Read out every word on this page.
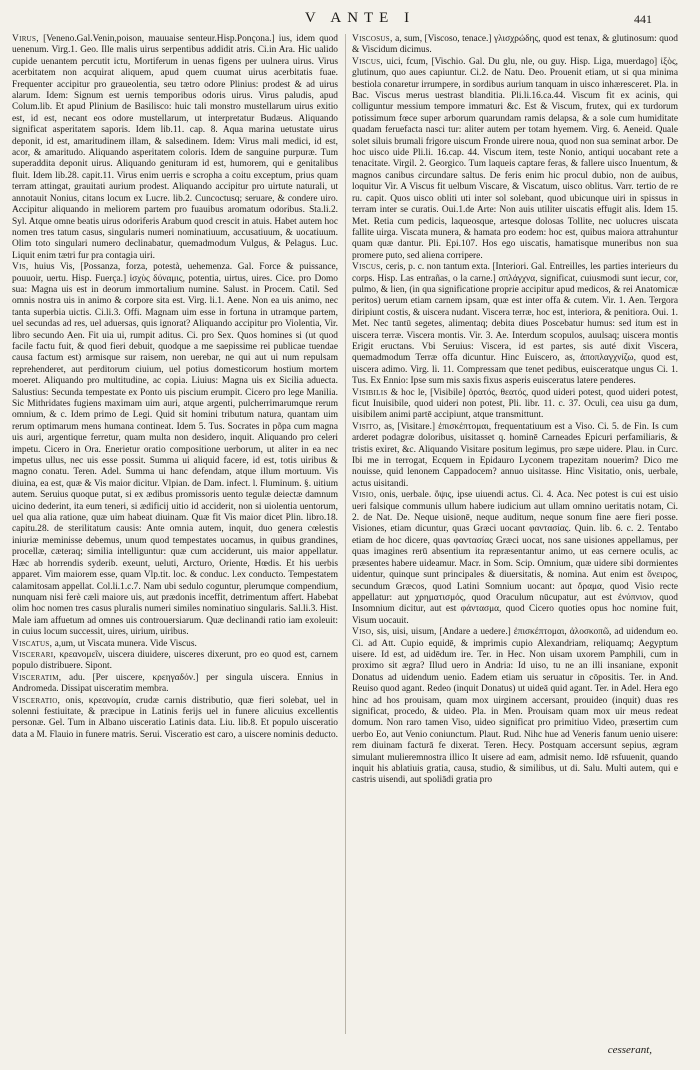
V ANTE I	441

Virus, [Veneno.Gal.Venin,poison, mauuaise senteur.Hisp.Ponçona.] ius, idem quod uenenum. Virg.1. Geo. Ille malis uirus serpentibus addidit atris. Ci.in Ara. Hic ualido cupide uenantem percutit ictu, Mortiferum in uenas figens per uulnera uirus. Virus acerbitatem non acquirat aliquem, apud quem cuumat uirus acerbitatis fuae. Frequenter accipitur pro graueolentia, seu tætro odore Plinius: prodest & ad uirus alarum. Idem: Signum est uernis temporibus odoris uirus. Virus paludis, apud Colum.lib. Et apud Plinium de Basilisco: huic tali monstro mustellarum uirus exitio est, id est, necant eos odore mustellarum, ut interpretatur Budæus. Aliquando significat asperitatem saporis. Idem lib.11. cap. 8. Aqua marina uetustate uirus deponit, id est, amaritudinem illam, & salsedinem. Idem: Virus mali medici, id est, acor, & amaritudo. Aliquando asperitatem coloris. Idem de sanguine purpuræ. Tum superaddita deponit uirus. Aliquando genituram id est, humorem, qui e genitalibus fluit. Idem lib.28. capit.11. Virus enim uerris e scropha a coitu exceptum, prius quam terram attingat, grauitati aurium prodest. Aliquando accipitur pro uirtute naturali, ut annotauit Nonius, citans locum ex Lucre. lib.2. Cuncoctusq; seruare, & condere uiro. Accipitur aliquando in meliorem partem pro fuauibus aromatum odoribus. Sta.li.2. Syl. Atque omne beatis uirus odoriferis Arabum quod crescit in atuis. Habet autem hoc nomen tres tatum casus, singularis numeri nominatiuum, accusatiuum, & uocatiuum. Olim toto singulari numero declinabatur, quemadmodum Vulgus, & Pelagus. Luc. Liquit enim tætri fur pra contagia uiri.

Vis, huius Vis, [Possanza, forza, potestà, uehemenza. Gal. Force & puissance, pouuoir, uertu. Hisp. Fuerça.] ἰσχὺς δύναμις, potentia, uirtus, uires. Cice. pro Domo sua: Magna uis est in deorum immortalium numine. Salust. in Procem. Catil. Sed omnis nostra uis in animo & corpore sita est. Virg. li.1. Aene. Non ea uis animo, nec tanta superbia uictis. Ci.li.3. Offi. Magnam uim esse in fortuna in utramque partem, uel secundas ad res, uel aduersas, quis ignorat? Aliquando accipitur pro Violentia, Vir. libro secundo Aen. Fit uia ui, rumpit aditus. Ci. pro Sex. Quos homines si (ut quod facile factu fuit, & quod fieri debuit, quodque a me saepissime rei publicae tuendae causa factum est) armisque sur raisem, non uerebar, ne qui aut ui num repulsam reprehenderet, aut perditorum ciuium, uel potius domesticorum hostium mortem moeret. Aliquando pro multitudine, ac copia. Liuius: Magna uis ex Sicilia adueсta. Salustius: Secunda tempestate ex Ponto uis piscium erumpit. Cicero pro lege Manilia. Sic Mithridates fugiens maximam uim auri, atque argenti, pulcherrimarumque rerum omnium, & c. Idem primo de Legi. Quid sit homini tributum natura, quantam uim rerum optimarum mens humana contineat. Idem 5. Tus. Socrates in põpa cum magna uis auri, argentique ferretur, quam multa non desidero, inquit. Aliquando pro celeri impetu. Cicero in Ora. Enerietur oratio compositione uerborum, ut aliter in ea nec impetus ullus, nec uis esse possit. Summa ui aliquid facere, id est, totis uiribus & magno conatu. Teren. Adel. Summa ui hanc defendam, atque illum mortuum. Vis diuina, ea est, quæ & Vis maior dicitur. Vlpian. de Dam. infect. l. Fluminum. §. uitium autem. Seruius quoque putat, si ex ædibus promissoris uento tegulæ deiectæ damnum uicino dederint, ita eum teneri, si ædificij uitio id acciderit, non si uiolentia uentorum, uel qua alia ratione, quæ uim habeat diuinam. Quæ fit Vis maior dicet Plin. libro.18. capitu.28. de sterilitatum causis: Ante omnia autem, inquit, duo genera cœlestis iniuriæ meminisse debemus, unum quod tempestates uocamus, in quibus grandines, procellæ, cæteraq; similia intelliguntur: quæ cum acciderunt, uis maior appellatur. Hæc ab horrendis syderib. exeunt, ueluti, Arcturo, Oriente, Hœdis. Et his uerbis apparet. Vim maiorem esse, quam Vlp.tit. loc. & conduc. l.ex conducto. Tempestatem calamitosam appellat. Col.li.1.c.7. Nam ubi sedulo coguntur, plerumque compendium, nunquam nisi ferè cæli maiore uis, aut prædonis inceffit, detrimentum affert. Habebat olim hoc nomen tres casus pluralis numeri similes nominatiuo singularis. Sal.li.3. Hist. Male iam affuetum ad omnes uis controuersiarum. Quæ declinandi ratio iam exoleuit: in cuius locum successit, uires, uirium, uiribus.

Viscatus, a,um, ut Viscata munera. Vide Viscus.

Viscerari, κρεανομεῖν, uiscera diuidere, uisceres dixerunt, pro eo quod est, carnem populo distribuere. Sipont.

Visceratim, adu. [Per uiscere, κρεηγαδόν.] per singula uiscera. Ennius in Andromeda. Dissipat uisceratim membra.

Visceratio, onis, κρεανομία, crudæ carnis distributio, quæ fieri solebat, uel in solenni festiuitate, & præcipue in Latinis ferijs uel in funere alicuius excellentis personæ. Gel. Tum in Albano uisceratio Latinis data. Liu. lib.8. Et populo uisceratio data a M. Flauio in funere matris. Serui. Visceratio est caro, a uiscere nominis deducto.

Viscosus, a, sum, [Viscoso, tenace.] γλισχρώδης, quod est tenax, & glutinosum: quod & Viscidum dicimus.

Viscus, uici, fcum, [Vischio. Gal. Du glu, nle, ou guy. Hisp. Liga, muerdago] ἰξὸς, glutinum, quo aues capiuntur. Ci.2. de Natu. Deo. Prouenit etiam, ut si qua minima bestiola conaretur irrumpere, in sordibus aurium tanquam in uisco inhæresceret. Pla. in Bac. Viscus merus uestrast blanditia. Pli.li.16.ca.44. Viscum fit ex acinis, qui colliguntur messium tempore immaturi &c. Est & Viscum, frutex, qui ex turdorum potissimum fœce super arborum quarundam ramis delapsa, & a sole cum humiditate quadam feruefacta nasci tur: aliter autem per totam hyemem. Virg. 6. Aeneid. Quale solet siluis brumali frigore uiscum Fronde uirere noua, quod non sua seminat arbor. De hoc uisco uide Pli.li. 16.cap. 44. Viscum item, teste Nonio, antiqui uocabant rete a tenacitate. Virgil. 2. Georgico. Tum laqueis captare feras, & fallere uisco Inuentum, & magnos canibus circundare saltus. De feris enim hic procul dubio, non de auibus, loquitur Vir. A Viscus fit uelbum Viscare, & Viscatum, uisco oblitus. Varr. tertio de re ru. capit. Quos uisco obliti uti inter sol solebant, quod ubicunque uiri in spissus in terram inter se curatis. Oui.1.de Arte: Non auis utiliter uiscatis effugit alis. Idem 15. Met. Retia cum pedicis, laqueosque, artesque dolosas Tollite, nec uolucres uiscata fallite uirga. Viscata munera, & hamata pro eodem: hoc est, quibus maiora attrahuntur quam quæ dantur. Pli. Epi.107. Hos ego uiscatis, hamatisque muneribus non sua promere puto, sed aliena corripere.

Viscus, ceris, p. c. non tantum exta. [Interiori. Gal. Entreilles, les parties interieurs du corps. Hisp. Las entrañas, o la carne.] σπλάγχνα, significat, cuiusmodi sunt iecur, cor, pulmo, & lien, (in qua significatione proprie accipitur apud medicos, & rei Anatomicæ peritos) uerum etiam carnem ipsam, quæ est inter offa & cutem. Vir. 1. Aen. Tergora diripiunt costis, & uiscera nudant. Viscera terræ, hoc est, interiora, & penitiora. Oui. 1. Met. Nec tantū segetes, alimentaq; debita diues Poscebatur humus: sed itum est in uiscera terræ. Viscera montis. Vir. 3. Ae. Interdum scopulos, auulsaq; uiscera montis Erigit eructans. Vbi Seruius: Viscera, id est partes, sis auté dixit Viscera, quemadmodum Terræ offa dicuntur. Hinc Euiscero, as, ἀποπλαγχνίζω, quod est, uiscera adimo. Virg. li. 11. Compressam que tenet pedibus, euisceratque ungus Ci. 1. Tus. Ex Ennio: Ipse sum mis saxis fixus asperis euisceratus latere penderes.

Visibilis & hoc le, [Visibile] ὁρατός, θεατός, quod uideri potest, quod uideri potest, ficut Inuisibile, quod uideri non potest, Pli. libr. 11. c. 37. Oculi, cea uisu ga dum, uisibilem animi partē accipiunt, atque transmittunt.

Visito, as, [Visitare.] ἐπισκέπτομαι, frequentatiuum est a Viso. Ci. 5. de Fin. Is cum arderet podagræ doloribus, uisitasset q. hominē Carneades Epicuri perfamiliaris, & tristis exiret, &c. Aliquando Visitare positum legimus, pro sæpe uidere. Plau. in Curc. Ibi me in terrogat, Ecquem in Epidauro Lyconem trapezitam nouerim? Dico me nouisse, quid lenonem Cappadocem? annuo uisitasse. Hinc Visitatio, onis, uerbale, actus uisitandi.

Visio, onis, uerbale. ὄψις, ipse uiuendi actus. Ci. 4. Aca. Nec potest is cui est uisio ueri falsique communis ullum habere iudicium aut ullam omnino ueritatis notam, Ci. 2. de Nat. De. Neque uisionē, neque auditum, neque sonum fine aere fieri posse. Visiones, etiam dicuntur, quas Græci uocant φαντασίας. Quin. lib. 6. c. 2. Tentabo etiam de hoc dicere, quas φαντασίας Græci uocat, nos sane uisiones appellamus, per quas imagines rerū absentium ita repræsentantur animo, ut eas cernere oculis, ac præsentes habere uideamur. Macr. in Som. Scip. Omnium, quæ uidere sibi dormientes uidentur, quinque sunt principales & diuersitatis, & nomina. Aut enim est ὄνειρος, secundum Græcos, quod Latini Somnium uocant: aut ὅραμα, quod Visio recte appellatur: aut χρηματισμός, quod Oraculum nūcupatur, aut est ἐνύπνιον, quod Insomnium dicitur, aut est φάντασμα, quod Cicero quoties opus hoc nomine fuit, Visum uocauit.

Viso, sis, uisi, uisum, [Andare a uedere.] ἐπισκέπτομαι, ἀλοσκοπῶ, ad uidendum eo. Ci. ad Att. Cupio equidē, & imprimis cupio Alexandriam, reliquamq; Aegyptum uisere. Id est, ad uidēdum ire. Ter. in Hec. Non uisam uxorem Pamphili, cum in proximo sit ægra? Illud uero in Andria: Id uiso, tu ne an illi insaniane, exponit Donatus ad uidendum uenio. Eadem etiam uis seruatur in cōpositis. Ter. in And. Reuiso quod agant. Redeo (inquit Donatus) ut uideā quid agant. Ter. in Adel. Hera ego hinc ad hos prouisam, quam mox uirginem accersant, prouideo (inquit) duas res significat, procedo, & uideo. Pla. in Men. Prouisam quam mox uir meus redeat domum. Non raro tamen Viso, uideo significat pro primitiuo Video, præsertim cum uerbo Eo, aut Venio coniunctum. Plaut. Rud. Nihc hue ad Veneris fanum uenio uisere: rem diuinam facturā fe dixerat. Teren. Hecy. Postquam accersunt sepius, ægram simulant mulieremnostra illico It uisere ad eam, admisit nemo. Idē rsfuuenit, quando inquit his ablatiuis gratia, causa, studio, & similibus, ut di. Salu. Multi autem, qui e castris uisendi, aut spoliādi gratia pro

cesserant,
